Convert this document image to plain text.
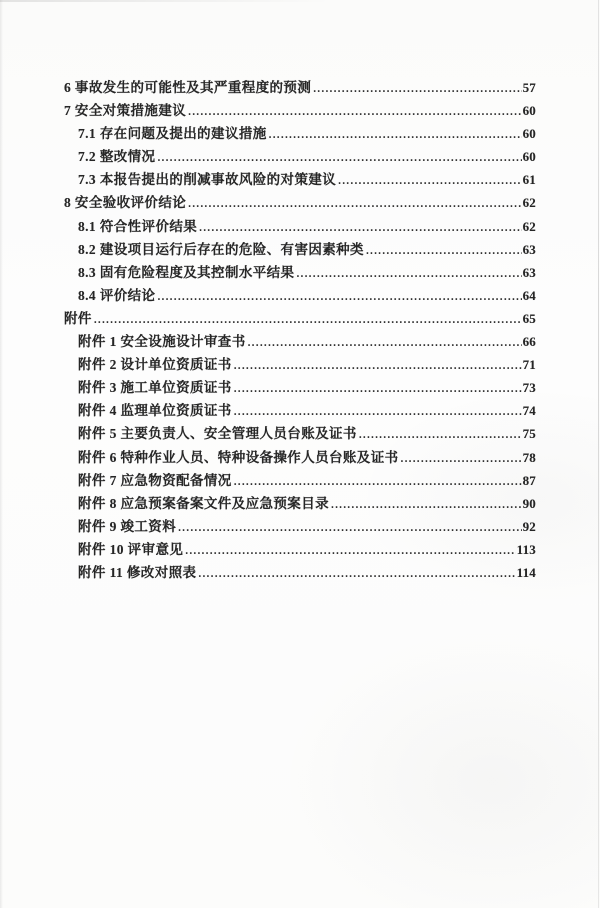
6 事故发生的可能性及其严重程度的预测 .....	57
7 安全对策措施建议 .....	60
7.1 存在问题及提出的建议措施 .....	60
7.2 整改情况 .....	60
7.3 本报告提出的削减事故风险的对策建议 .....	61
8 安全验收评价结论 .....	62
8.1 符合性评价结果 .....	62
8.2 建设项目运行后存在的危险、有害因素种类 .....	63
8.3 固有危险程度及其控制水平结果 .....	63
8.4 评价结论 .....	64
附件 .....	65
附件 1 安全设施设计审查书 .....	66
附件 2 设计单位资质证书 .....	71
附件 3 施工单位资质证书 .....	73
附件 4 监理单位资质证书 .....	74
附件 5 主要负责人、安全管理人员台账及证书 .....	75
附件 6 特种作业人员、特种设备操作人员台账及证书 .....	78
附件 7 应急物资配备情况 .....	87
附件 8 应急预案备案文件及应急预案目录 .....	90
附件 9 竣工资料 .....	92
附件 10 评审意见 .....	113
附件 11 修改对照表 .....	114
